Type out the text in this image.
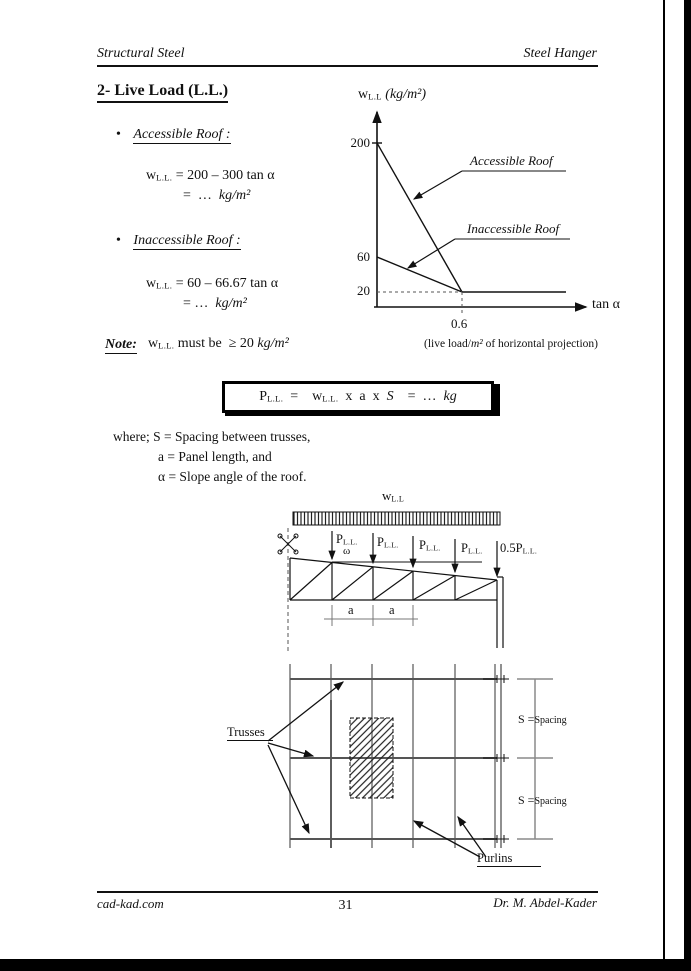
Structural Steel	Steel Hanger
2- Live Load (L.L.)
• Accessible Roof :
$w_{L.L.} = 200 - 300$ tan α
=  …  kg/m²
• Inaccessible Roof :
$w_{L.L.} = 60 - 66.67$ tan α
= …  kg/m²
$w_{L.L}$ (kg/m²)
200
60
20
0.6
tan α
Accessible Roof
Inaccessible Roof
Note: $w_{L.L.}$ must be  ≥ 20 kg/m²	(live load/m² of horizontal projection)
$P_{L.L.}$  =    $w_{L.L.}$  x  a  x  S    =  …  kg
where; S = Spacing between trusses,
a = Panel length, and
α = Slope angle of the roof.
$w_{L.L}$
$P_{L.L.}$ $P_{L.L.}$ $P_{L.L.}$ $P_{L.L.}$ $0.5P_{L.L.}$
ω
a	a
Trusses
S =Spacing
S =Spacing
Purlins
cad-kad.com	31	Dr. M. Abdel-Kader
